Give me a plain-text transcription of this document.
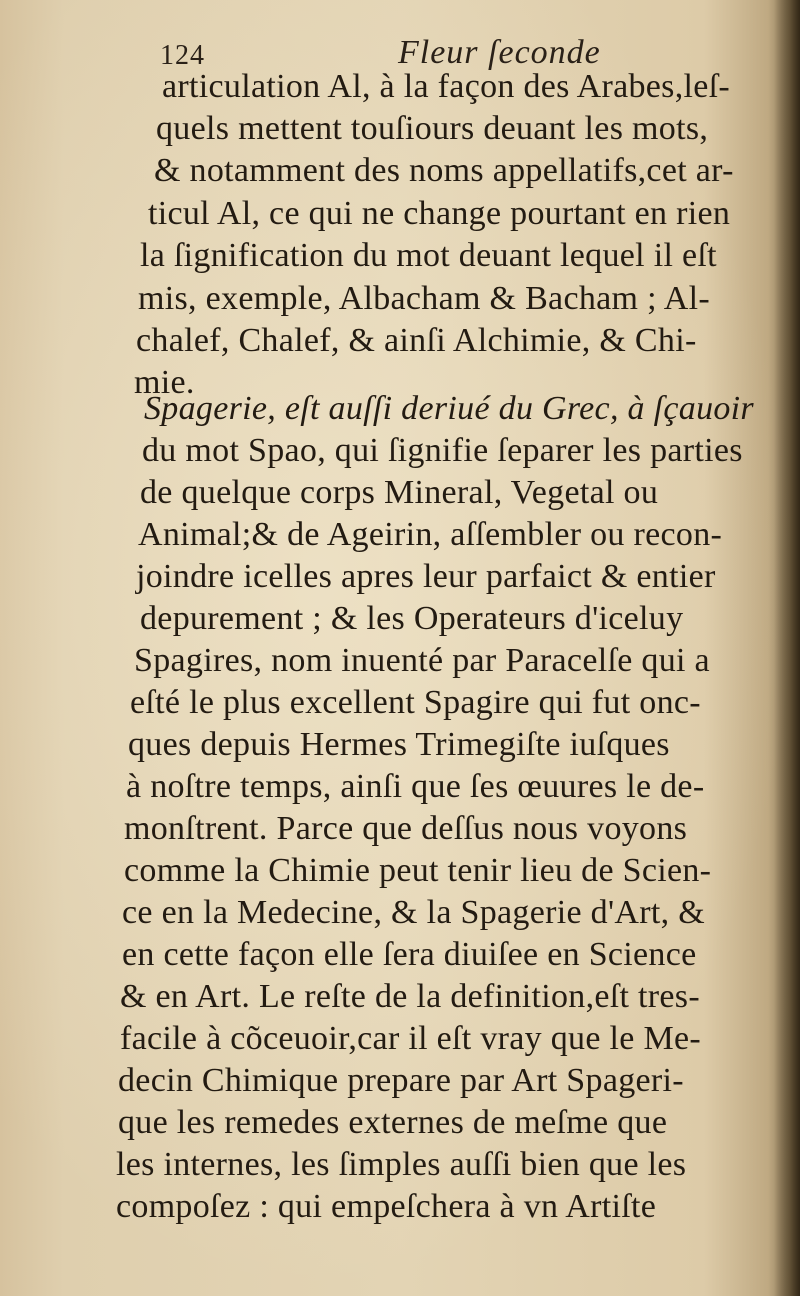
124	Fleur ſeconde
articulation Al, à la façon des Arabes,leſ-
quels mettent touſiours deuant les mots,
& notamment des noms appellatifs,cet ar-
ticul Al, ce qui ne change pourtant en rien
la ſignification du mot deuant lequel il eſt
mis, exemple, Albacham & Bacham ; Al-
chalef, Chalef, & ainſi Alchimie, & Chi-
mie.
Spagerie, eſt auſſi deriué du Grec, à ſçauoir
du mot Spao, qui ſignifie ſeparer les parties
de quelque corps Mineral, Vegetal ou
Animal;& de Ageirin, aſſembler ou recon-
joindre icelles apres leur parfaict & entier
depurement ; & les Operateurs d'iceluy
Spagires, nom inuenté par Paracelſe qui a
eſté le plus excellent Spagire qui fut onc-
ques depuis Hermes Trimegiſte iuſques
à noſtre temps, ainſi que ſes œuures le de-
monſtrent. Parce que deſſus nous voyons
comme la Chimie peut tenir lieu de Scien-
ce en la Medecine, & la Spagerie d'Art, &
en cette façon elle ſera diuiſee en Science
& en Art. Le reſte de la definition,eſt tres-
facile à cõceuoir,car il eſt vray que le Me-
decin Chimique prepare par Art Spageri-
que les remedes externes de meſme que
les internes, les ſimples auſſi bien que les
compoſez : qui empeſchera à vn Artiſte
